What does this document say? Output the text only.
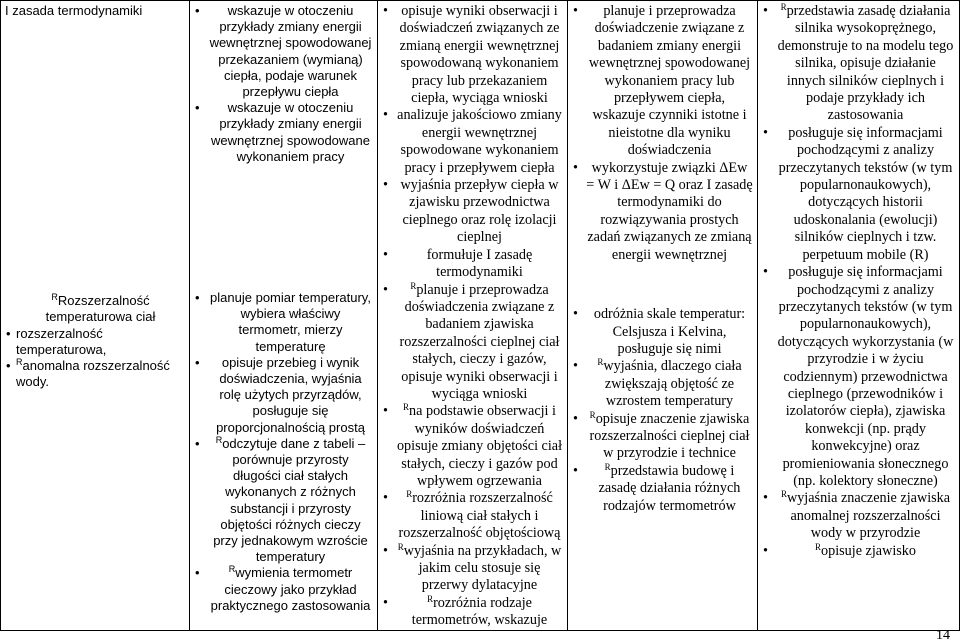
I zasada termodynamiki
$^R$Rozszerzalność temperaturowa ciał
• rozszerzalność temperaturowa,
• $^R$anomalna rozszerzalność wody.

• wskazuje w otoczeniu przykłady zmiany energii wewnętrznej spowodowanej przekazaniem (wymianą) ciepła, podaje warunek przepływu ciepła
• wskazuje w otoczeniu przykłady zmiany energii wewnętrznej spowodowane wykonaniem pracy
• planuje pomiar temperatury, wybiera właściwy termometr, mierzy temperaturę
• opisuje przebieg i wynik doświadczenia, wyjaśnia rolę użytych przyrządów, posługuje się proporcjonalnością prostą
• $^R$odczytuje dane z tabeli – porównuje przyrosty długości ciał stałych wykonanych z różnych substancji i przyrosty objętości różnych cieczy przy jednakowym wzroście temperatury
• $^R$wymienia termometr cieczowy jako przykład praktycznego zastosowania

• opisuje wyniki obserwacji i doświadczeń związanych ze zmianą energii wewnętrznej spowodowaną wykonaniem pracy lub przekazaniem ciepła, wyciąga wnioski
• analizuje jakościowo zmiany energii wewnętrznej spowodowane wykonaniem
pracy i przepływem ciepła
• wyjaśnia przepływ ciepła w zjawisku przewodnictwa cieplnego oraz rolę izolacji cieplnej
• formułuje I zasadę termodynamiki
• $^R$planuje i przeprowadza doświadczenia związane z badaniem zjawiska rozszerzalności cieplnej ciał stałych, cieczy i gazów, opisuje wyniki obserwacji i wyciąga wnioski
• $^R$na podstawie obserwacji i wyników doświadczeń opisuje zmiany objętości ciał stałych, cieczy i gazów pod wpływem ogrzewania
• $^R$rozróżnia rozszerzalność liniową ciał stałych i rozszerzalność objętościową
• $^R$wyjaśnia na przykładach, w jakim celu stosuje się przerwy dylatacyjne
• $^R$rozróżnia rodzaje termometrów, wskazuje

• planuje i przeprowadza doświadczenie związane z badaniem zmiany energii wewnętrznej spowodowanej wykonaniem pracy lub przepływem ciepła, wskazuje czynniki istotne i nieistotne dla wyniku doświadczenia
• wykorzystuje związki ΔEw = W i ΔEw = Q oraz I zasadę termodynamiki do rozwiązywania prostych zadań związanych ze zmianą energii wewnętrznej
• odróżnia skale temperatur: Celsjusza i Kelvina, posługuje się nimi
• $^R$wyjaśnia, dlaczego ciała zwiększają objętość ze wzrostem temperatury
• $^R$opisuje znaczenie zjawiska rozszerzalności cieplnej ciał w przyrodzie i technice
• $^R$przedstawia budowę i zasadę działania różnych rodzajów termometrów

• $^R$przedstawia zasadę działania silnika wysokoprężnego, demonstruje to na modelu tego silnika, opisuje działanie innych silników cieplnych i podaje przykłady ich zastosowania
• posługuje się informacjami pochodzącymi z analizy przeczytanych tekstów (w tym popularnonaukowych), dotyczących historii udoskonalania (ewolucji) silników cieplnych i tzw. perpetuum mobile (R)
• posługuje się informacjami pochodzącymi z analizy przeczytanych tekstów (w tym popularnonaukowych), dotyczących wykorzystania (w przyrodzie i w życiu codziennym) przewodnictwa cieplnego (przewodników i izolatorów ciepła), zjawiska konwekcji (np. prądy konwekcyjne) oraz promieniowania słonecznego (np. kolektory słoneczne)
• $^R$wyjaśnia znaczenie zjawiska anomalnej rozszerzalności wody w przyrodzie
• $^R$opisuje zjawisko
14
